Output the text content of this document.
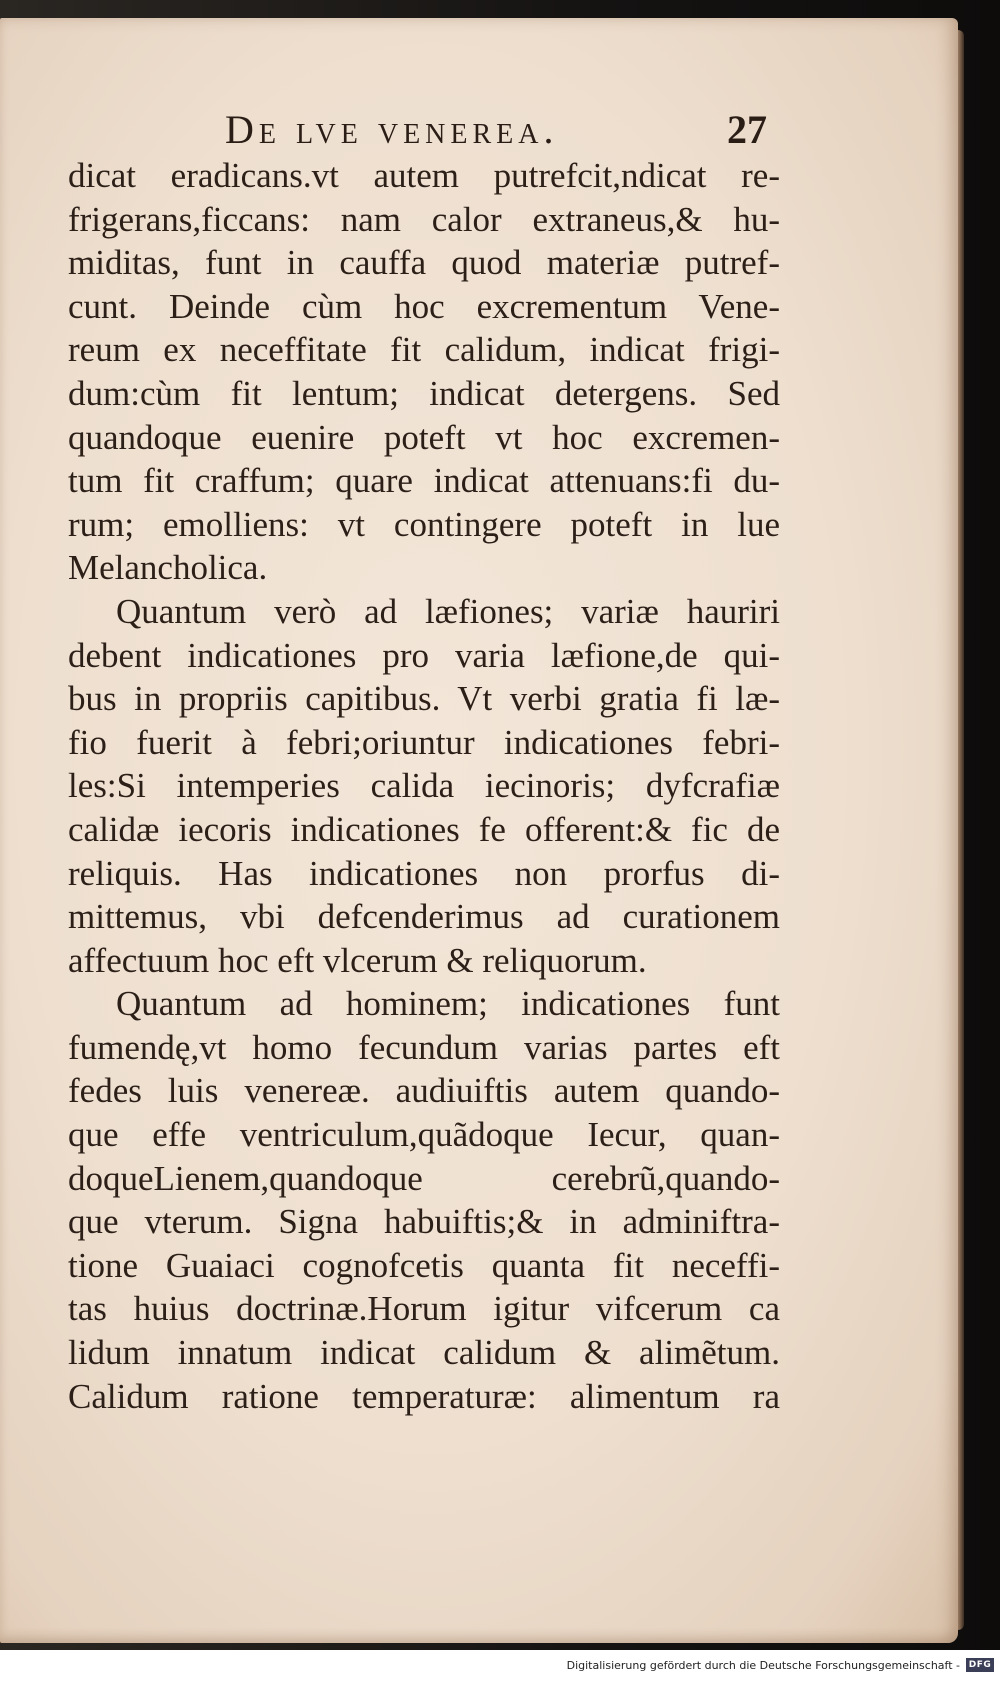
De lve venerea.	27
dicat eradicans.vt autem putrefcit,ndicat re-
frigerans,ficcans: nam calor extraneus,& hu-
miditas, funt in cauffa quod materiæ putref-
cunt. Deinde cùm hoc excrementum Vene-
reum ex neceffitate fit calidum, indicat frigi-
dum:cùm fit lentum; indicat detergens. Sed
quandoque euenire poteft vt hoc excremen-
tum fit craffum; quare indicat attenuans:fi du-
rum; emolliens: vt contingere poteft in lue
Melancholica.
Quantum verò ad læfiones; variæ hauriri
debent indicationes pro varia læfione,de qui-
bus in propriis capitibus. Vt verbi gratia fi læ-
fio fuerit à febri;oriuntur indicationes febri-
les:Si intemperies calida iecinoris; dyfcrafiæ
calidæ iecoris indicationes fe offerent:& fic de
reliquis. Has indicationes non prorfus di-
mittemus, vbi defcenderimus ad curationem
affectuum hoc eft vlcerum & reliquorum.
Quantum ad hominem; indicationes funt
fumendę,vt homo fecundum varias partes eft
fedes luis venereæ. audiuiftis autem quando-
que effe ventriculum,quãdoque Iecur, quan-
doqueLienem,quandoque cerebrũ,quando-
que vterum. Signa habuiftis;& in adminiftra-
tione Guaiaci cognofcetis quanta fit neceffi-
tas huius doctrinæ.Horum igitur vifcerum ca
lidum innatum indicat calidum & alimẽtum.
Calidum ratione temperaturæ: alimentum ra
Digitalisierung gefördert durch die Deutsche Forschungsgemeinschaft - DFG
